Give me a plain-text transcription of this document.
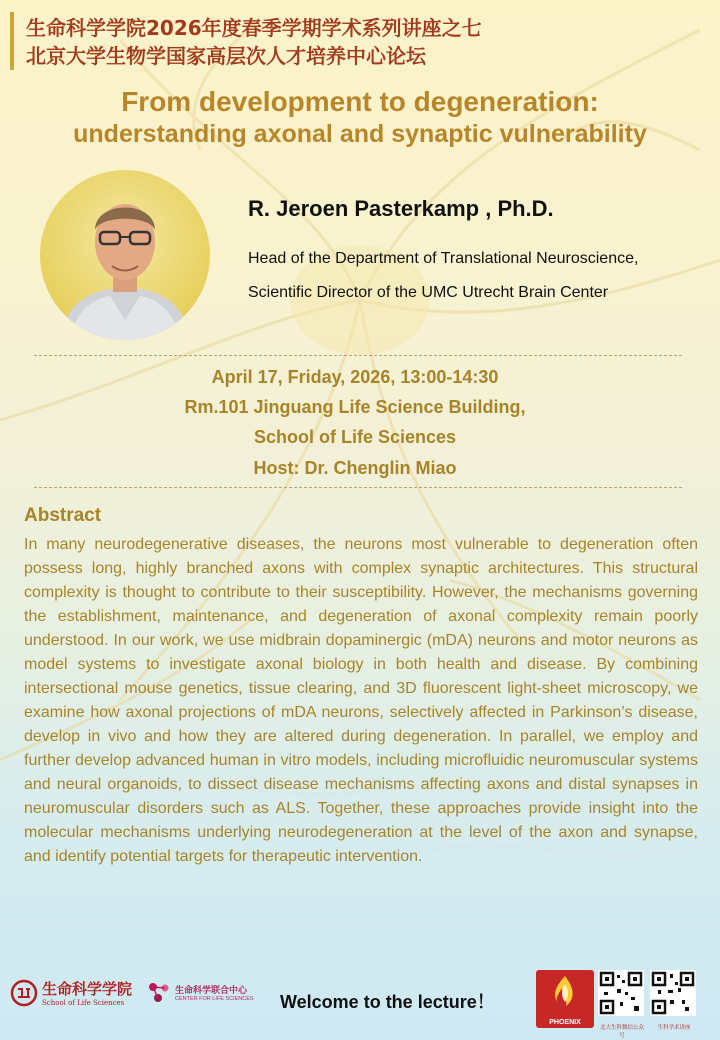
生命科学学院2026年度春季学期学术系列讲座之七
北京大学生物学国家高层次人才培养中心论坛
From development to degeneration:
understanding axonal and synaptic vulnerability
R. Jeroen Pasterkamp , Ph.D.
Head of the Department of Translational Neuroscience,
Scientific Director of the UMC Utrecht Brain Center
April 17, Friday, 2026, 13:00-14:30
Rm.101 Jinguang Life Science Building,
School of Life Sciences
Host: Dr. Chenglin Miao
Abstract
In many neurodegenerative diseases, the neurons most vulnerable to degeneration often possess long, highly branched axons with complex synaptic architectures. This structural complexity is thought to contribute to their susceptibility. However, the mechanisms governing the establishment, maintenance, and degeneration of axonal complexity remain poorly understood. In our work, we use midbrain dopaminergic (mDA) neurons and motor neurons as model systems to investigate axonal biology in both health and disease. By combining intersectional mouse genetics, tissue clearing, and 3D fluorescent light-sheet microscopy, we examine how axonal projections of mDA neurons, selectively affected in Parkinson’s disease, develop in vivo and how they are altered during degeneration. In parallel, we employ and further develop advanced human in vitro models, including microfluidic neuromuscular systems and neural organoids, to dissect disease mechanisms affecting axons and distal synapses in neuromuscular disorders such as ALS. Together, these approaches provide insight into the molecular mechanisms underlying neurodegeneration at the level of the axon and synapse, and identify potential targets for therapeutic intervention.
生命科学学院
School of Life Sciences
生命科学联合中心
CENTER FOR LIFE SCIENCES Welcome to the lecture！
PHOENIX
北大生科微信公众号
生科学术讲座
